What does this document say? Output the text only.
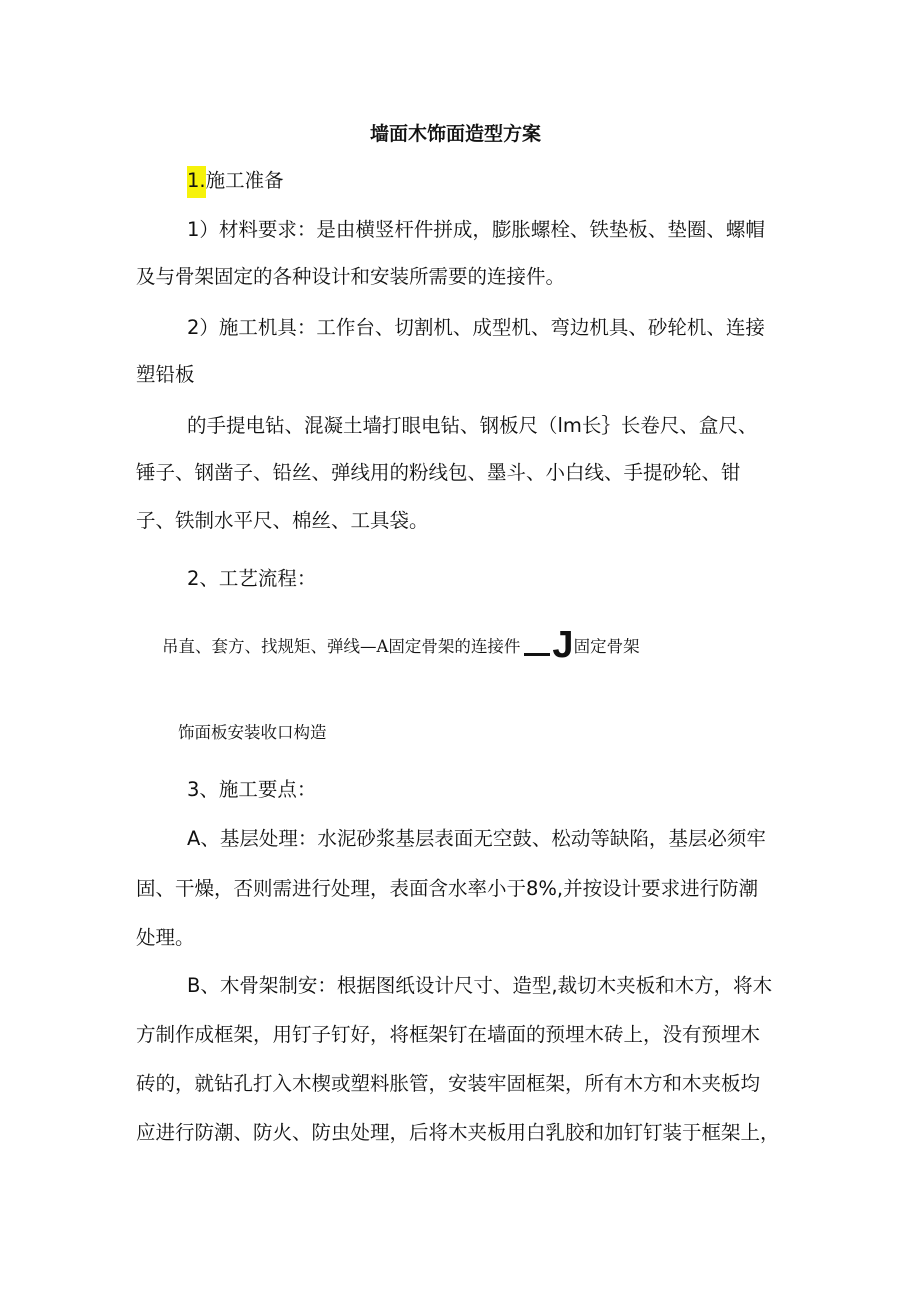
墙面木饰面造型方案
1.施工准备
1）材料要求：是由横竖杆件拼成，膨胀螺栓、铁垫板、垫圈、螺帽
及与骨架固定的各种设计和安装所需要的连接件。
2）施工机具：工作台、切割机、成型机、弯边机具、砂轮机、连接
塑铅板
的手提电钻、混凝土墙打眼电钻、钢板尺（lm长｝长卷尺、盒尺、
锤子、钢凿子、铅丝、弹线用的粉线包、墨斗、小白线、手提砂轮、钳
子、铁制水平尺、棉丝、工具袋。
2、工艺流程：
吊直、套方、找规矩、弹线—A固定骨架的连接件 J固定骨架
饰面板安装收口构造
3、施工要点：
A、基层处理：水泥砂浆基层表面无空鼓、松动等缺陷，基层必须牢
固、干燥，否则需进行处理，表面含水率小于8%,并按设计要求进行防潮
处理。
B、木骨架制安：根据图纸设计尺寸、造型,裁切木夹板和木方，将木
方制作成框架，用钉子钉好，将框架钉在墙面的预埋木砖上，没有预埋木
砖的，就钻孔打入木楔或塑料胀管，安装牢固框架，所有木方和木夹板均
应进行防潮、防火、防虫处理，后将木夹板用白乳胶和加钉钉装于框架上，
